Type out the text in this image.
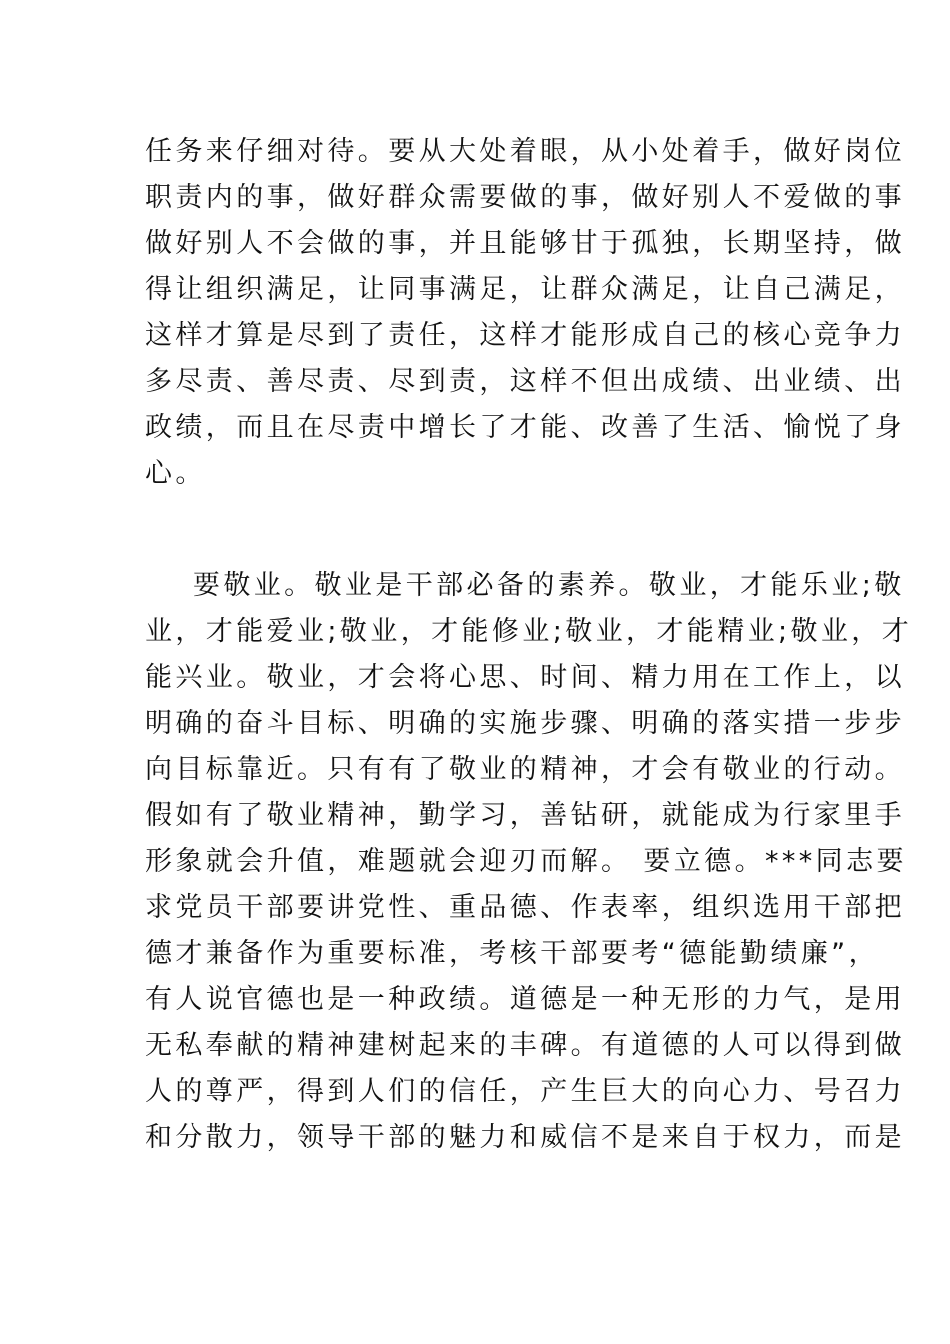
任务来仔细对待。要从大处着眼，从小处着手，做好岗位
职责内的事，做好群众需要做的事，做好别人不爱做的事
做好别人不会做的事，并且能够甘于孤独，长期坚持，做
得让组织满足，让同事满足，让群众满足，让自己满足，
这样才算是尽到了责任，这样才能形成自己的核心竞争力
多尽责、善尽责、尽到责，这样不但出成绩、出业绩、出
政绩，而且在尽责中增长了才能、改善了生活、愉悦了身
心。
要敬业。敬业是干部必备的素养。敬业，才能乐业;敬
业，才能爱业;敬业，才能修业;敬业，才能精业;敬业，才
能兴业。敬业，才会将心思、时间、精力用在工作上，以
明确的奋斗目标、明确的实施步骤、明确的落实措一步步
向目标靠近。只有有了敬业的精神，才会有敬业的行动。
假如有了敬业精神，勤学习，善钻研，就能成为行家里手
形象就会升值，难题就会迎刃而解。 要立德。***同志要
求党员干部要讲党性、重品德、作表率，组织选用干部把
德才兼备作为重要标准，考核干部要考“德能勤绩廉”，
有人说官德也是一种政绩。道德是一种无形的力气，是用
无私奉献的精神建树起来的丰碑。有道德的人可以得到做
人的尊严，得到人们的信任，产生巨大的向心力、号召力
和分散力，领导干部的魅力和威信不是来自于权力，而是
